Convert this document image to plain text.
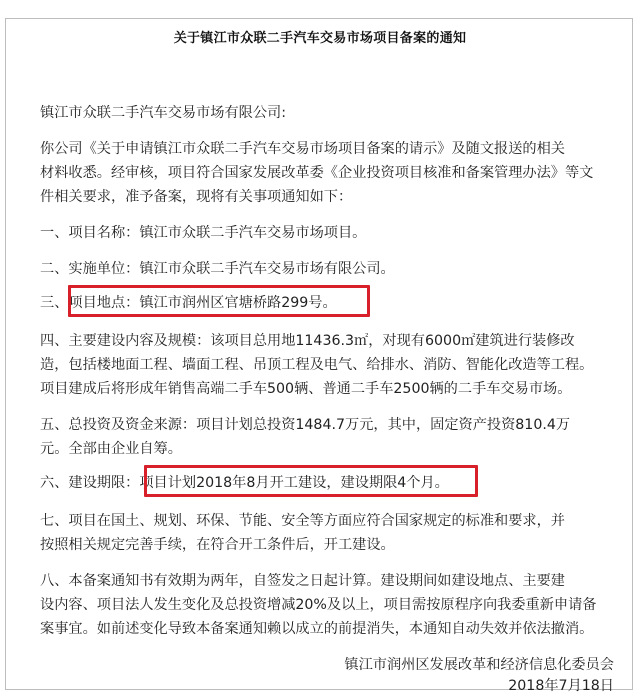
关于镇江市众联二手汽车交易市场项目备案的通知
镇江市众联二手汽车交易市场有限公司:
你公司《关于申请镇江市众联二手汽车交易市场项目备案的请示》及随文报送的相关
材料收悉。经审核，项目符合国家发展改革委《企业投资项目核准和备案管理办法》等文
件相关要求，准予备案，现将有关事项通知如下：
一、项目名称：镇江市众联二手汽车交易市场项目。
二、实施单位：镇江市众联二手汽车交易市场有限公司。
三、项目地点：镇江市润州区官塘桥路299号。
四、主要建设内容及规模：该项目总用地11436.3㎡，对现有6000㎡建筑进行装修改
造，包括楼地面工程、墙面工程、吊顶工程及电气、给排水、消防、智能化改造等工程。
项目建成后将形成年销售高端二手车500辆、普通二手车2500辆的二手车交易市场。
五、总投资及资金来源：项目计划总投资1484.7万元，其中，固定资产投资810.4万
元。全部由企业自筹。
六、建设期限：项目计划2018年8月开工建设，建设期限4个月。
七、项目在国土、规划、环保、节能、安全等方面应符合国家规定的标准和要求，并
按照相关规定完善手续，在符合开工条件后，开工建设。
八、本备案通知书有效期为两年，自签发之日起计算。建设期间如建设地点、主要建
设内容、项目法人发生变化及总投资增减20%及以上，项目需按原程序向我委重新申请备
案事宜。如前述变化导致本备案通知赖以成立的前提消失，本通知自动失效并依法撤消。
镇江市润州区发展改革和经济信息化委员会
2018年7月18日
